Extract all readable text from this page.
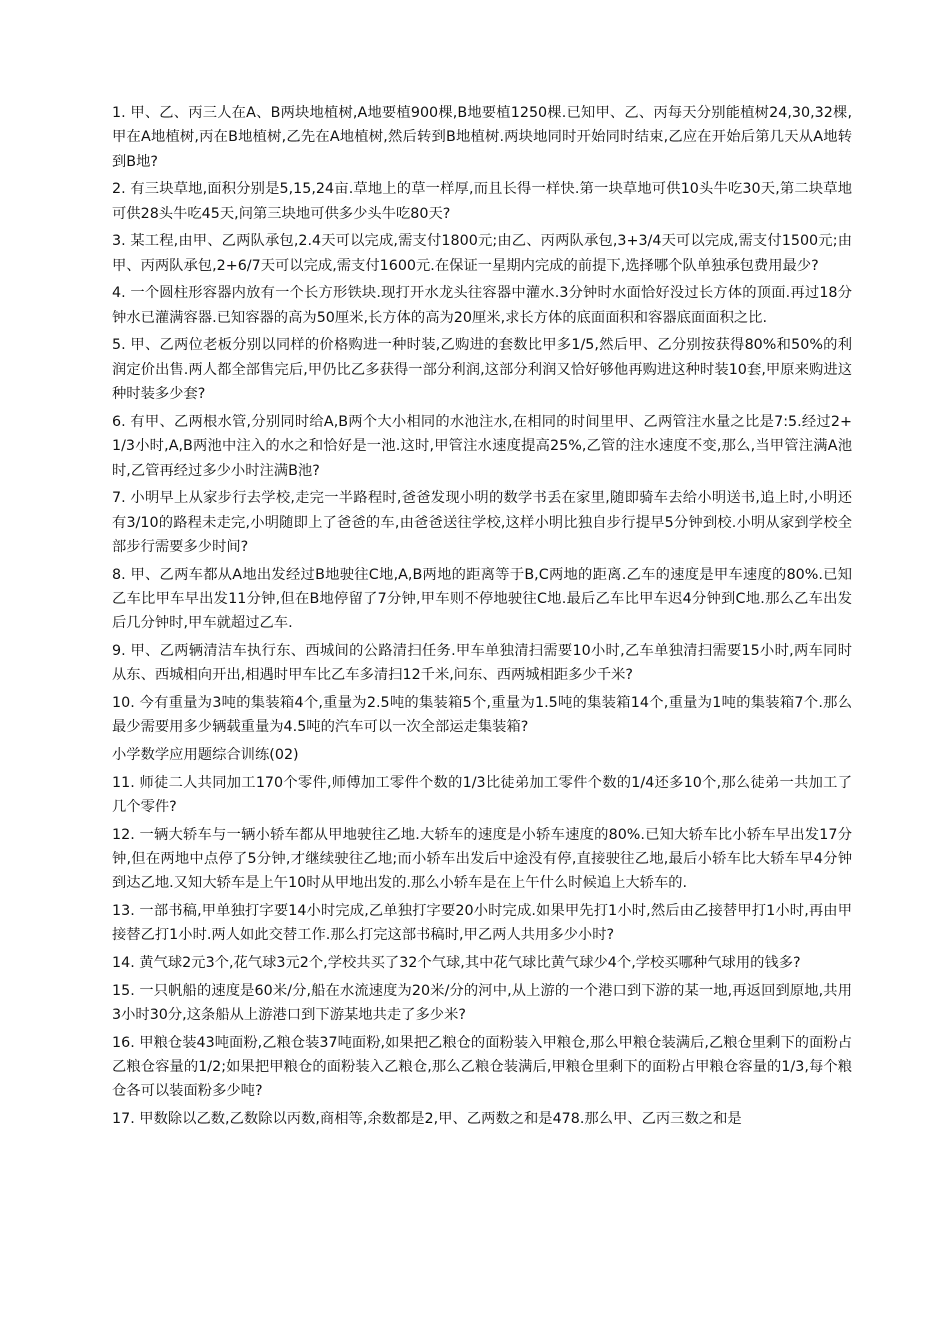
1. 甲、乙、丙三人在A、B两块地植树,A地要植900棵,B地要植1250棵.已知甲、乙、丙每天分别能植树24,30,32棵,甲在A地植树,丙在B地植树,乙先在A地植树,然后转到B地植树.两块地同时开始同时结束,乙应在开始后第几天从A地转到B地?

2. 有三块草地,面积分别是5,15,24亩.草地上的草一样厚,而且长得一样快.第一块草地可供10头牛吃30天,第二块草地可供28头牛吃45天,问第三块地可供多少头牛吃80天?

3. 某工程,由甲、乙两队承包,2.4天可以完成,需支付1800元;由乙、丙两队承包,3+3/4天可以完成,需支付1500元;由甲、丙两队承包,2+6/7天可以完成,需支付1600元.在保证一星期内完成的前提下,选择哪个队单独承包费用最少?

4. 一个圆柱形容器内放有一个长方形铁块.现打开水龙头往容器中灌水.3分钟时水面恰好没过长方体的顶面.再过18分钟水已灌满容器.已知容器的高为50厘米,长方体的高为20厘米,求长方体的底面面积和容器底面面积之比.

5. 甲、乙两位老板分别以同样的价格购进一种时装,乙购进的套数比甲多1/5,然后甲、乙分别按获得80%和50%的利润定价出售.两人都全部售完后,甲仍比乙多获得一部分利润,这部分利润又恰好够他再购进这种时装10套,甲原来购进这种时装多少套?

6. 有甲、乙两根水管,分别同时给A,B两个大小相同的水池注水,在相同的时间里甲、乙两管注水量之比是7:5.经过2+1/3小时,A,B两池中注入的水之和恰好是一池.这时,甲管注水速度提高25%,乙管的注水速度不变,那么,当甲管注满A池时,乙管再经过多少小时注满B池?

7. 小明早上从家步行去学校,走完一半路程时,爸爸发现小明的数学书丢在家里,随即骑车去给小明送书,追上时,小明还有3/10的路程未走完,小明随即上了爸爸的车,由爸爸送往学校,这样小明比独自步行提早5分钟到校.小明从家到学校全部步行需要多少时间?

8. 甲、乙两车都从A地出发经过B地驶往C地,A,B两地的距离等于B,C两地的距离.乙车的速度是甲车速度的80%.已知乙车比甲车早出发11分钟,但在B地停留了7分钟,甲车则不停地驶往C地.最后乙车比甲车迟4分钟到C地.那么乙车出发后几分钟时,甲车就超过乙车.

9. 甲、乙两辆清洁车执行东、西城间的公路清扫任务.甲车单独清扫需要10小时,乙车单独清扫需要15小时,两车同时从东、西城相向开出,相遇时甲车比乙车多清扫12千米,问东、西两城相距多少千米?

10. 今有重量为3吨的集装箱4个,重量为2.5吨的集装箱5个,重量为1.5吨的集装箱14个,重量为1吨的集装箱7个.那么最少需要用多少辆载重量为4.5吨的汽车可以一次全部运走集装箱?

小学数学应用题综合训练(02)

11. 师徒二人共同加工170个零件,师傅加工零件个数的1/3比徒弟加工零件个数的1/4还多10个,那么徒弟一共加工了几个零件?

12. 一辆大轿车与一辆小轿车都从甲地驶往乙地.大轿车的速度是小轿车速度的80%.已知大轿车比小轿车早出发17分钟,但在两地中点停了5分钟,才继续驶往乙地;而小轿车出发后中途没有停,直接驶往乙地,最后小轿车比大轿车早4分钟到达乙地.又知大轿车是上午10时从甲地出发的.那么小轿车是在上午什么时候追上大轿车的.

13. 一部书稿,甲单独打字要14小时完成,乙单独打字要20小时完成.如果甲先打1小时,然后由乙接替甲打1小时,再由甲接替乙打1小时.两人如此交替工作.那么打完这部书稿时,甲乙两人共用多少小时?

14. 黄气球2元3个,花气球3元2个,学校共买了32个气球,其中花气球比黄气球少4个,学校买哪种气球用的钱多?

15. 一只帆船的速度是60米/分,船在水流速度为20米/分的河中,从上游的一个港口到下游的某一地,再返回到原地,共用3小时30分,这条船从上游港口到下游某地共走了多少米?

16. 甲粮仓装43吨面粉,乙粮仓装37吨面粉,如果把乙粮仓的面粉装入甲粮仓,那么甲粮仓装满后,乙粮仓里剩下的面粉占乙粮仓容量的1/2;如果把甲粮仓的面粉装入乙粮仓,那么乙粮仓装满后,甲粮仓里剩下的面粉占甲粮仓容量的1/3,每个粮仓各可以装面粉多少吨?

17. 甲数除以乙数,乙数除以丙数,商相等,余数都是2,甲、乙两数之和是478.那么甲、乙丙三数之和是
